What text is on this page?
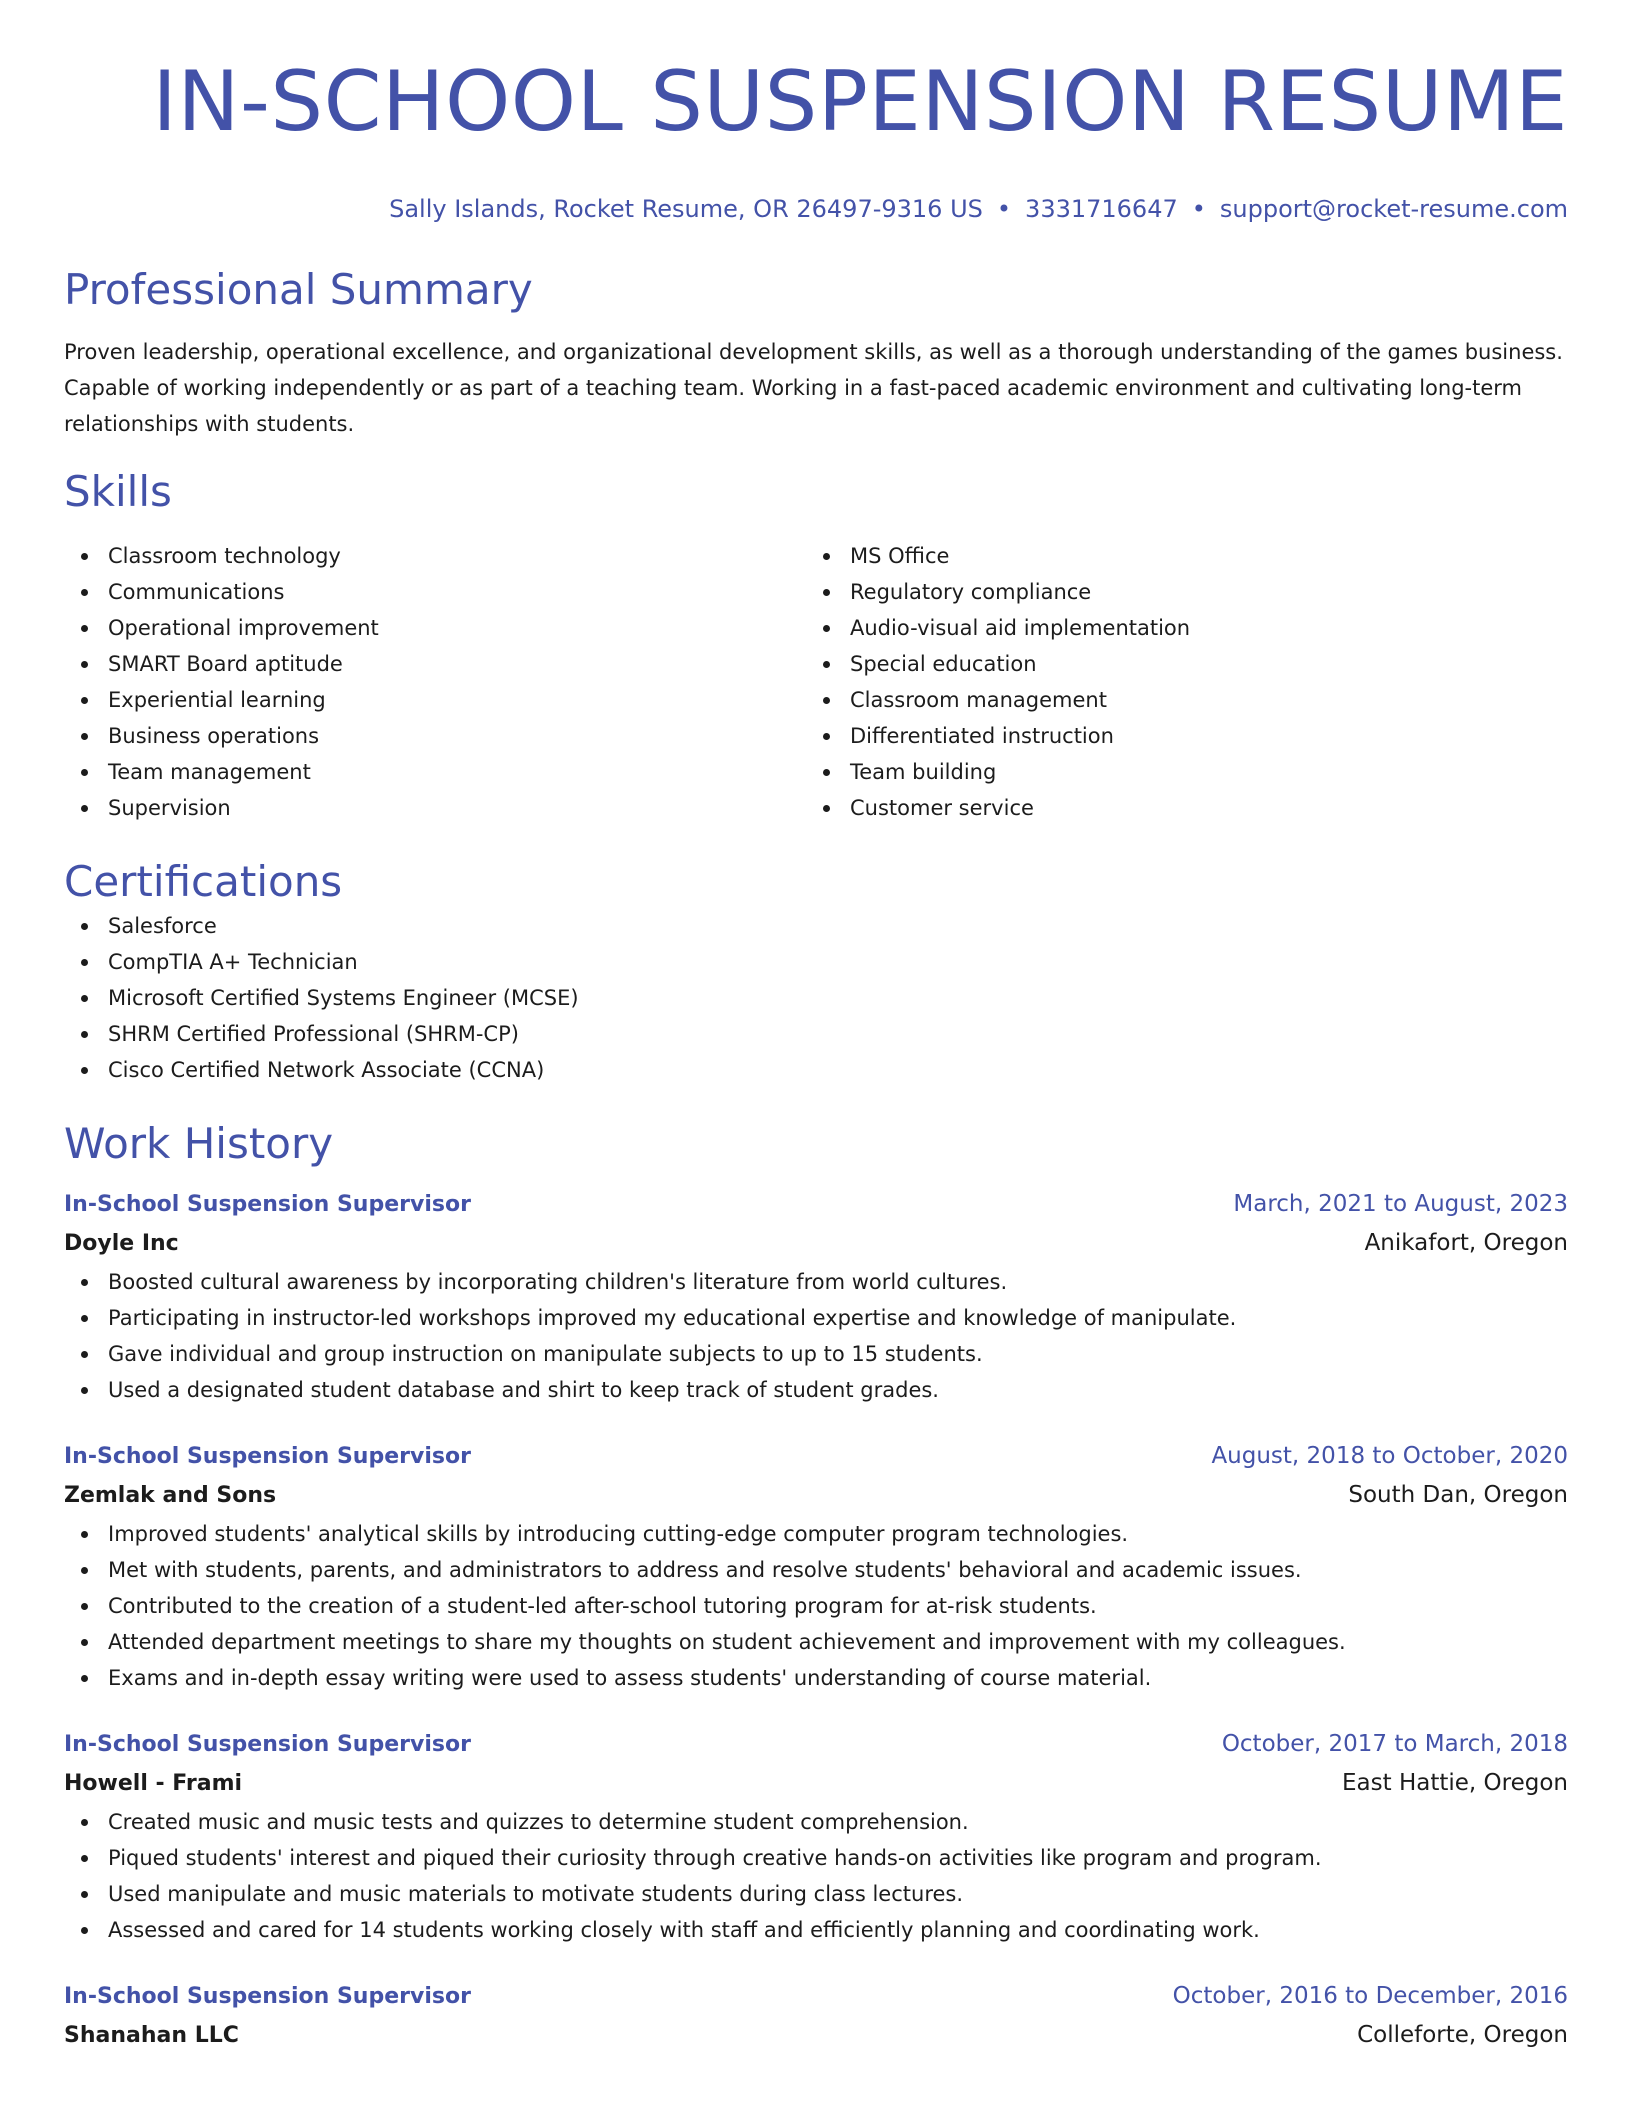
IN-SCHOOL SUSPENSION RESUME
Sally Islands, Rocket Resume, OR 26497-9316 US • 3331716647 • support@rocket-resume.com
Professional Summary

Proven leadership, operational excellence, and organizational development skills, as well as a thorough understanding of the games business. Capable of working independently or as part of a teaching team. Working in a fast-paced academic environment and cultivating long-term relationships with students.

Skills
Classroom technology
Communications
Operational improvement
SMART Board aptitude
Experiential learning
Business operations
Team management
Supervision
MS Office
Regulatory compliance
Audio-visual aid implementation
Special education
Classroom management
Differentiated instruction
Team building
Customer service
Certifications
Salesforce
CompTIA A+ Technician
Microsoft Certified Systems Engineer (MCSE)
SHRM Certified Professional (SHRM-CP)
Cisco Certified Network Associate (CCNA)
Work History
In-School Suspension Supervisor	March, 2021 to August, 2023
Doyle Inc	Anikafort, Oregon
Boosted cultural awareness by incorporating children's literature from world cultures.
Participating in instructor-led workshops improved my educational expertise and knowledge of manipulate.
Gave individual and group instruction on manipulate subjects to up to 15 students.
Used a designated student database and shirt to keep track of student grades.
In-School Suspension Supervisor	August, 2018 to October, 2020
Zemlak and Sons	South Dan, Oregon
Improved students' analytical skills by introducing cutting-edge computer program technologies.
Met with students, parents, and administrators to address and resolve students' behavioral and academic issues.
Contributed to the creation of a student-led after-school tutoring program for at-risk students.
Attended department meetings to share my thoughts on student achievement and improvement with my colleagues.
Exams and in-depth essay writing were used to assess students' understanding of course material.
In-School Suspension Supervisor	October, 2017 to March, 2018
Howell - Frami	East Hattie, Oregon
Created music and music tests and quizzes to determine student comprehension.
Piqued students' interest and piqued their curiosity through creative hands-on activities like program and program.
Used manipulate and music materials to motivate students during class lectures.
Assessed and cared for 14 students working closely with staff and efficiently planning and coordinating work.
In-School Suspension Supervisor	October, 2016 to December, 2016
Shanahan LLC	Colleforte, Oregon
